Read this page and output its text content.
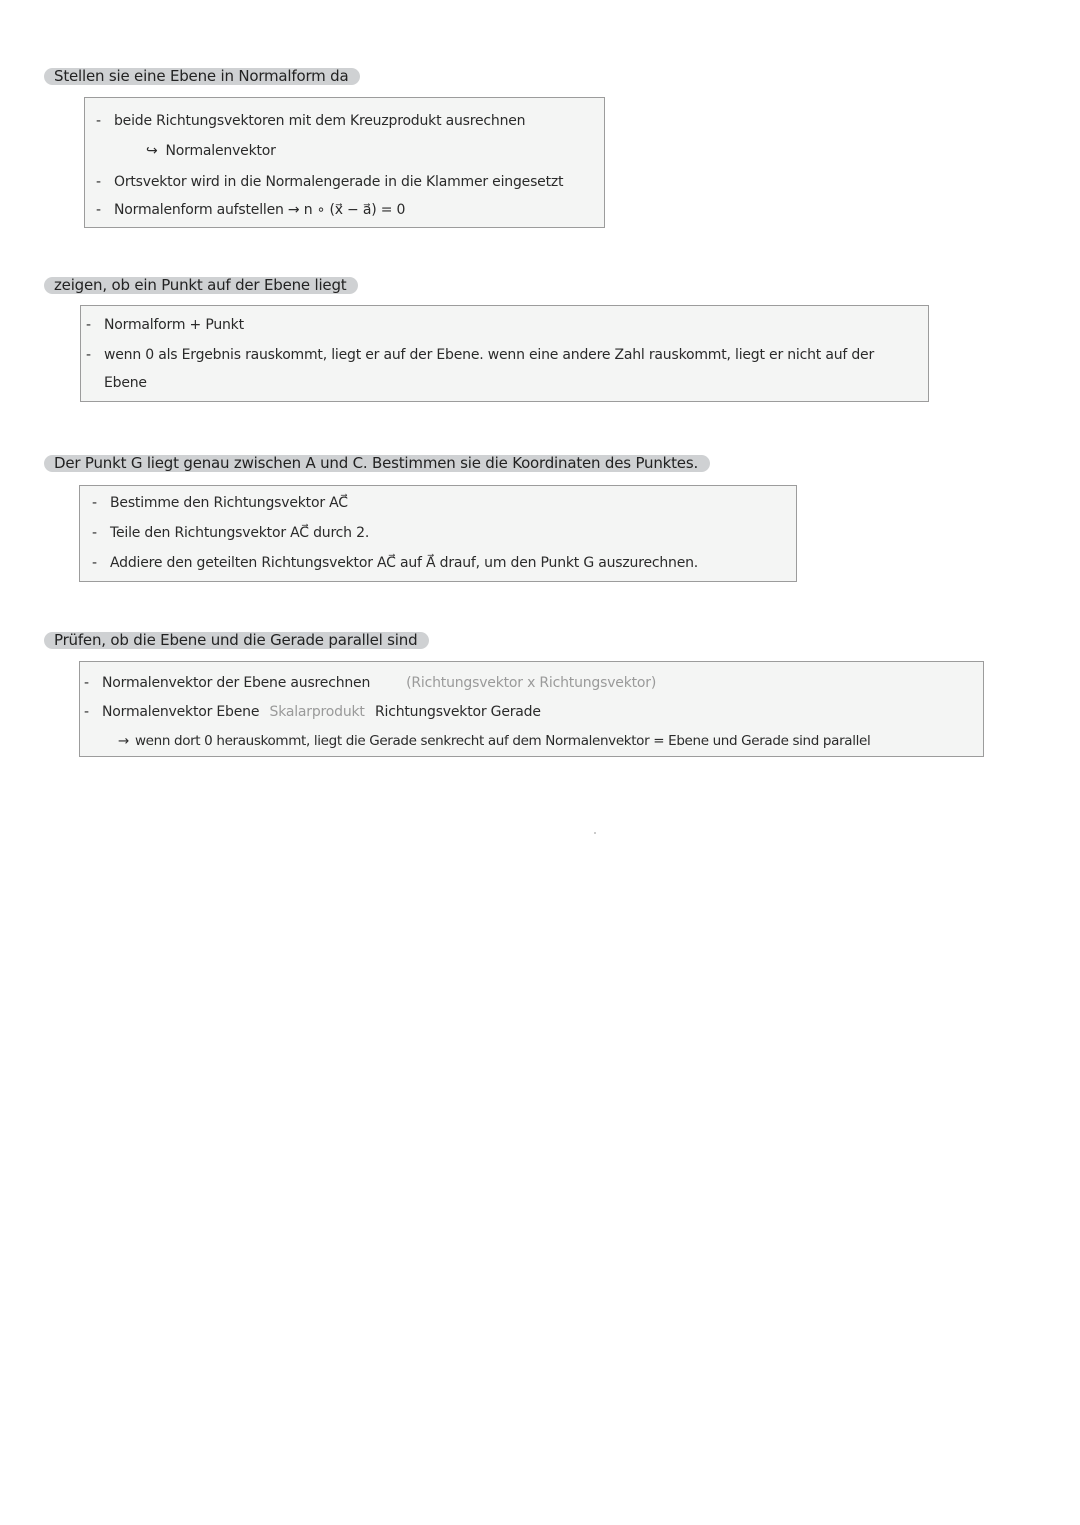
Stellen sie eine Ebene in Normalform da
- beide Richtungsvektoren mit dem Kreuzprodukt ausrechnen
↪ Normalenvektor
- Ortsvektor wird in die Normalengerade in die Klammer eingesetzt
- Normalenform aufstellen → n ∘ (x⃗ − a⃗) = 0
zeigen, ob ein Punkt auf der Ebene liegt
- Normalform + Punkt
- wenn 0 als Ergebnis rauskommt, liegt er auf der Ebene. wenn eine andere Zahl rauskommt, liegt er nicht auf der
Ebene
Der Punkt G liegt genau zwischen A und C. Bestimmen sie die Koordinaten des Punktes.
- Bestimme den Richtungsvektor AC⃗
- Teile den Richtungsvektor AC⃗ durch 2.
- Addiere den geteilten Richtungsvektor AC⃗ auf A⃗ drauf, um den Punkt G auszurechnen.
Prüfen, ob die Ebene und die Gerade parallel sind
- Normalenvektor der Ebene ausrechnen	(Richtungsvektor x Richtungsvektor)
- Normalenvektor Ebene Skalarprodukt Richtungsvektor Gerade
→ wenn dort 0 herauskommt, liegt die Gerade senkrecht auf dem Normalenvektor = Ebene und Gerade sind parallel
